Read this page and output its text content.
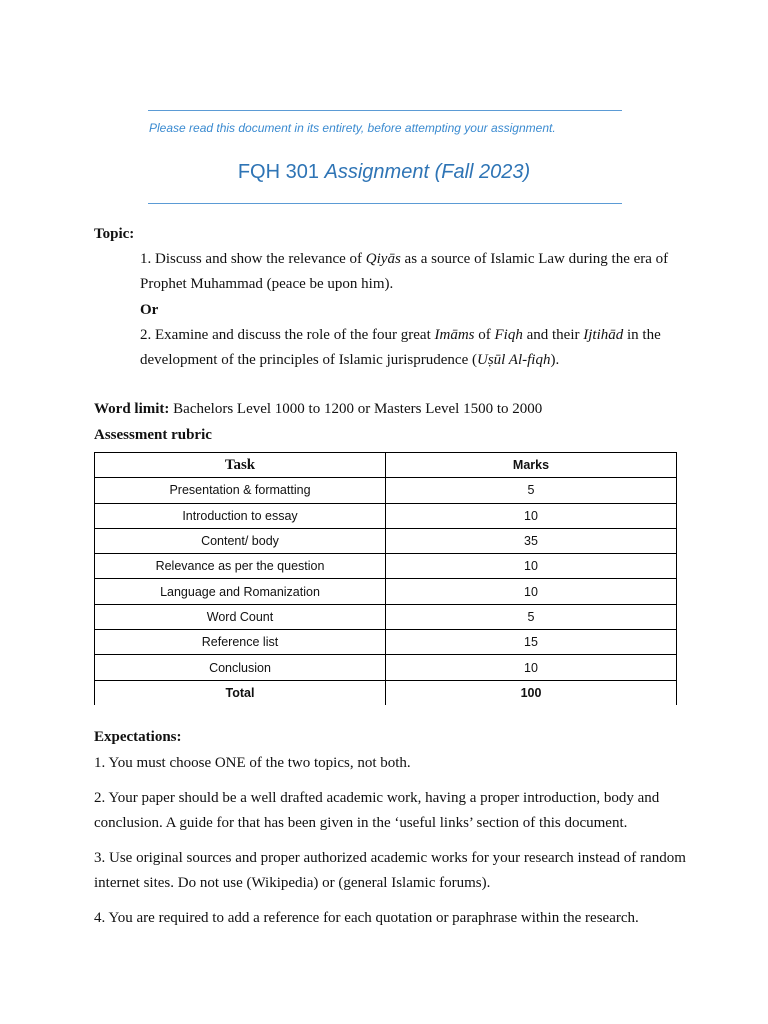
Please read this document in its entirety, before attempting your assignment.
FQH 301 Assignment (Fall 2023)
Topic:

1. Discuss and show the relevance of Qiyās as a source of Islamic Law during the era of Prophet Muhammad (peace be upon him).

Or

2. Examine and discuss the role of the four great Imāms of Fiqh and their Ijtihād in the development of the principles of Islamic jurisprudence (Uṣūl Al-fiqh).

Word limit: Bachelors Level 1000 to 1200 or Masters Level 1500 to 2000
Assessment rubric
Task	Marks
Presentation & formatting	5
Introduction to essay	10
Content/ body	35
Relevance as per the question	10
Language and Romanization	10
Word Count	5
Reference list	15
Conclusion	10
Total	100

Expectations:

1. You must choose ONE of the two topics, not both.

2. Your paper should be a well drafted academic work, having a proper introduction, body and conclusion. A guide for that has been given in the ‘useful links’ section of this document.

3. Use original sources and proper authorized academic works for your research instead of random internet sites. Do not use (Wikipedia) or (general Islamic forums).

4. You are required to add a reference for each quotation or paraphrase within the research.
